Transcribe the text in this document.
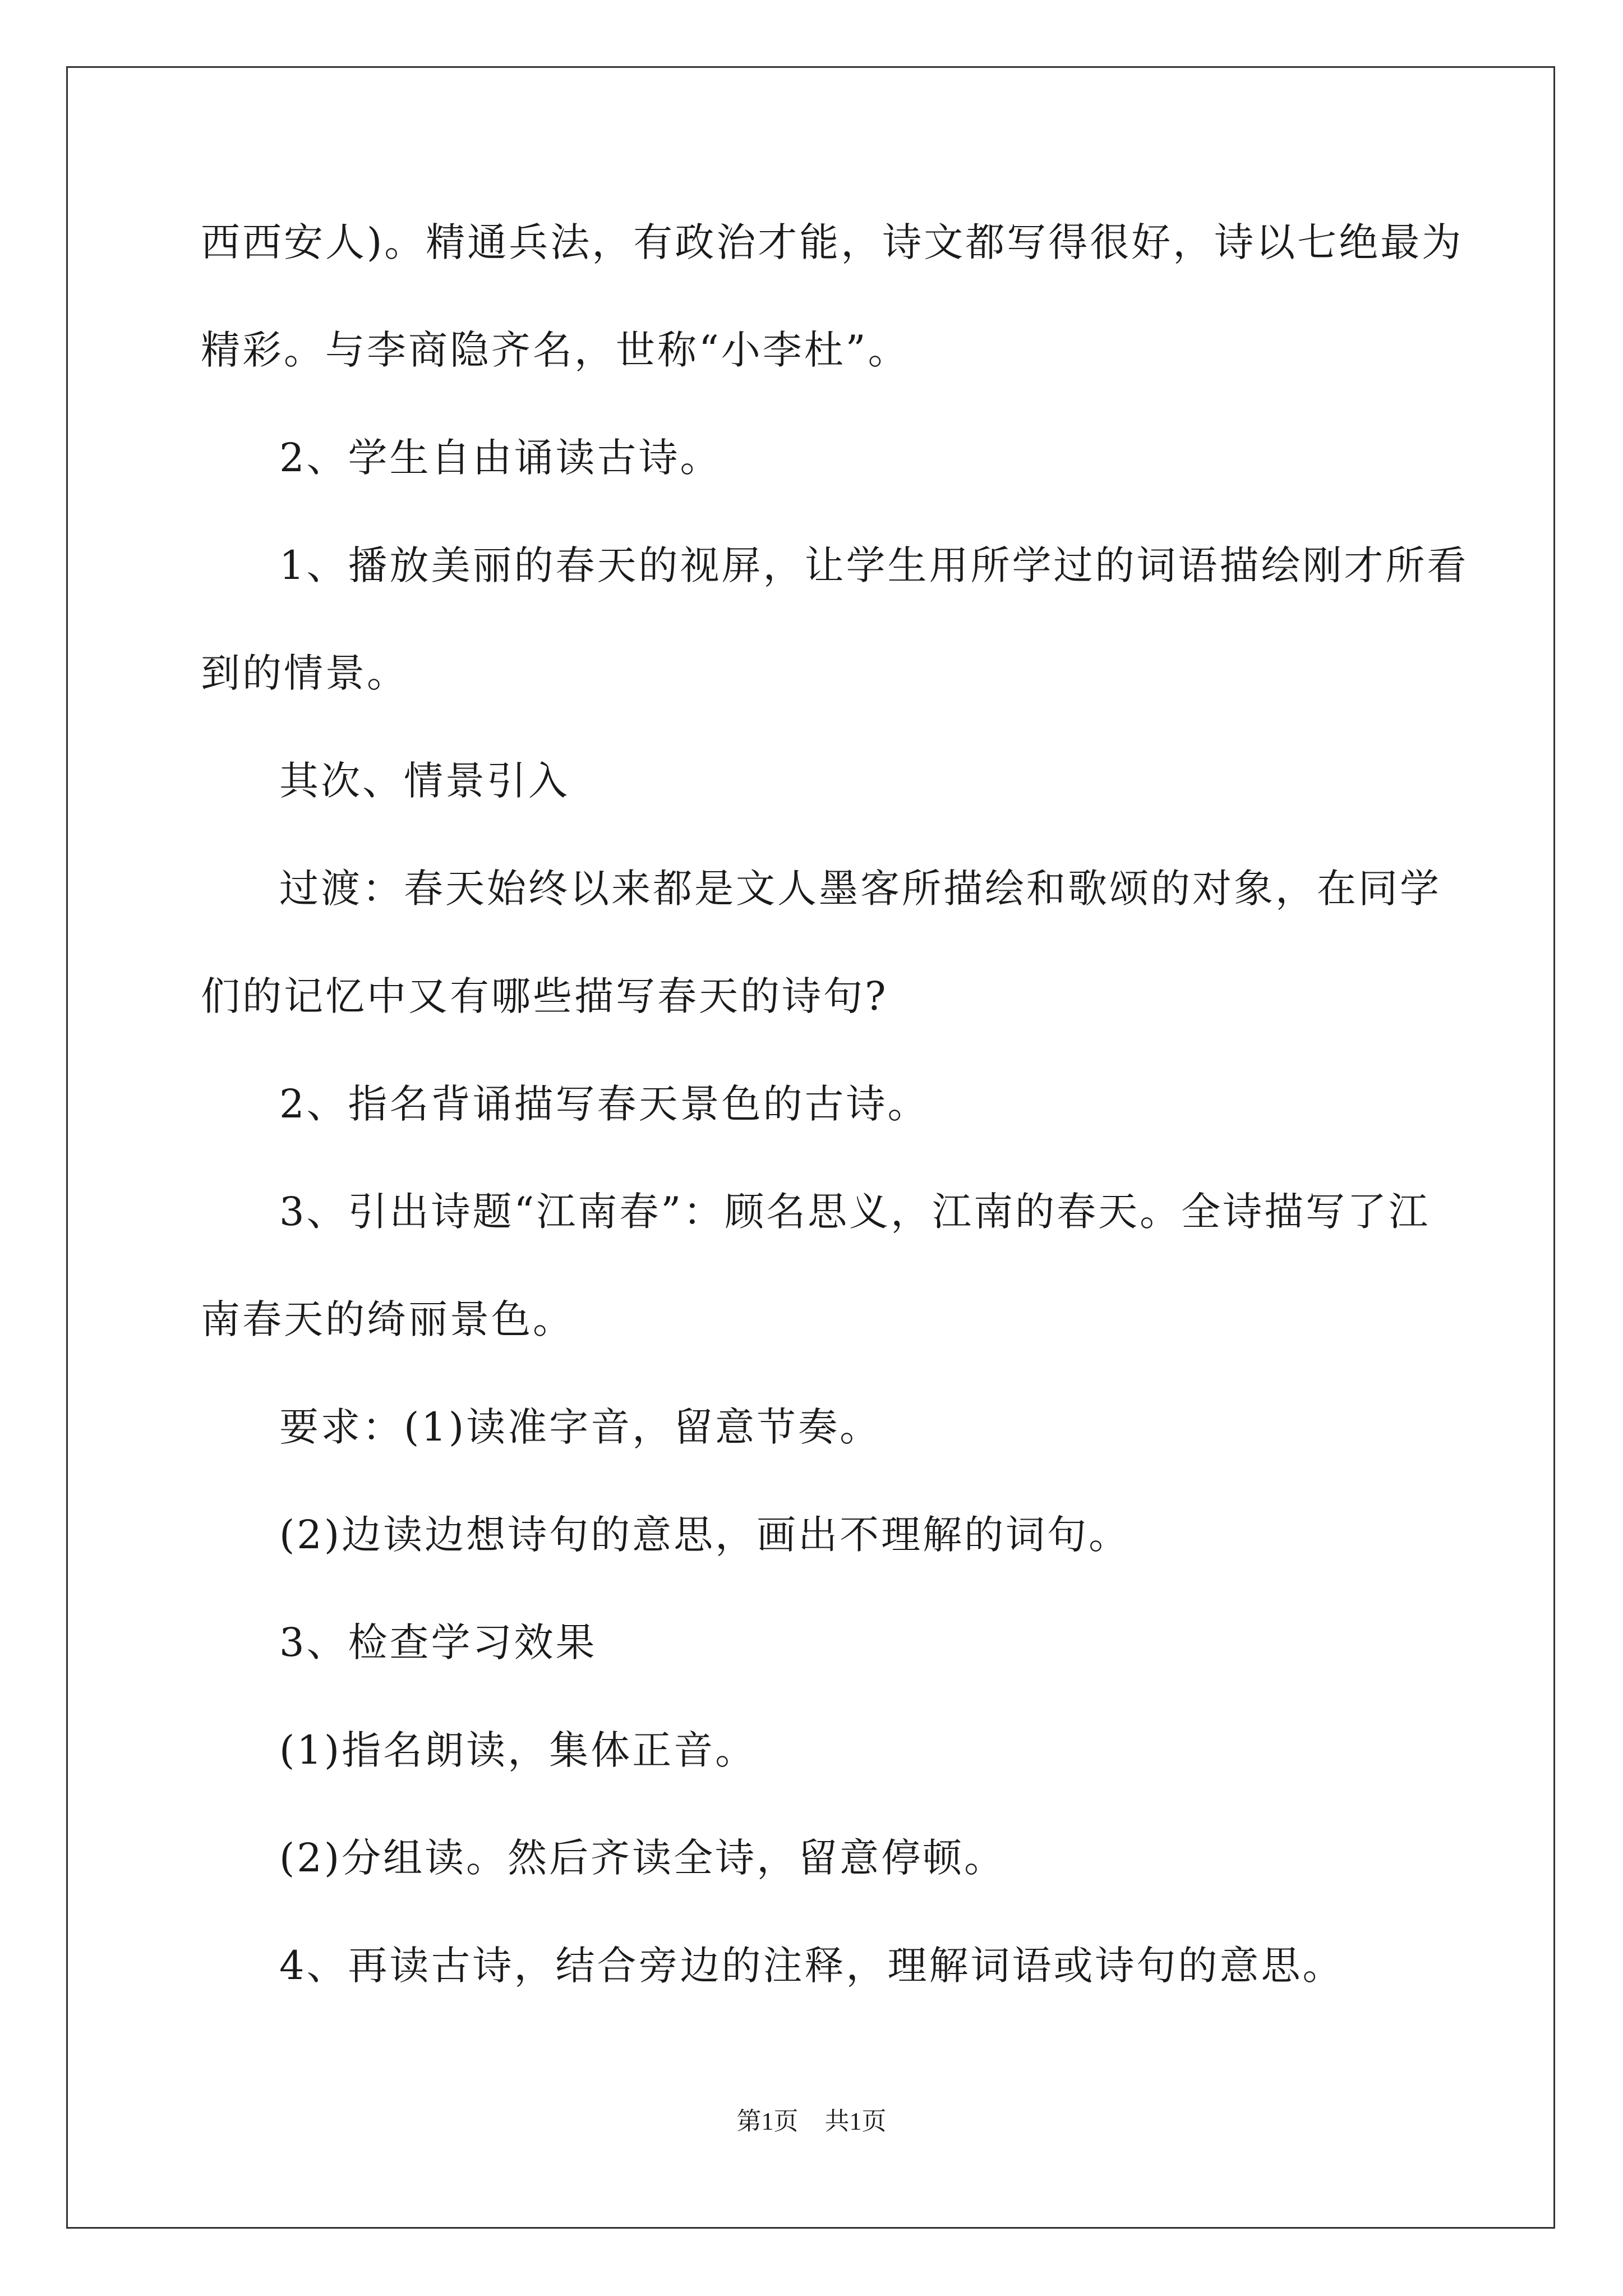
西西安人)。精通兵法，有政治才能，诗文都写得很好，诗以七绝最为
精彩。与李商隐齐名，世称“小李杜”。
2、学生自由诵读古诗。
1、播放美丽的春天的视屏，让学生用所学过的词语描绘刚才所看
到的情景。
其次、情景引入
过渡：春天始终以来都是文人墨客所描绘和歌颂的对象，在同学
们的记忆中又有哪些描写春天的诗句?
2、指名背诵描写春天景色的古诗。
3、引出诗题“江南春”：顾名思义，江南的春天。全诗描写了江
南春天的绮丽景色。
要求：(1)读准字音，留意节奏。
(2)边读边想诗句的意思，画出不理解的词句。
3、检查学习效果
(1)指名朗读，集体正音。
(2)分组读。然后齐读全诗，留意停顿。
4、再读古诗，结合旁边的注释，理解词语或诗句的意思。
第1页 共1页
